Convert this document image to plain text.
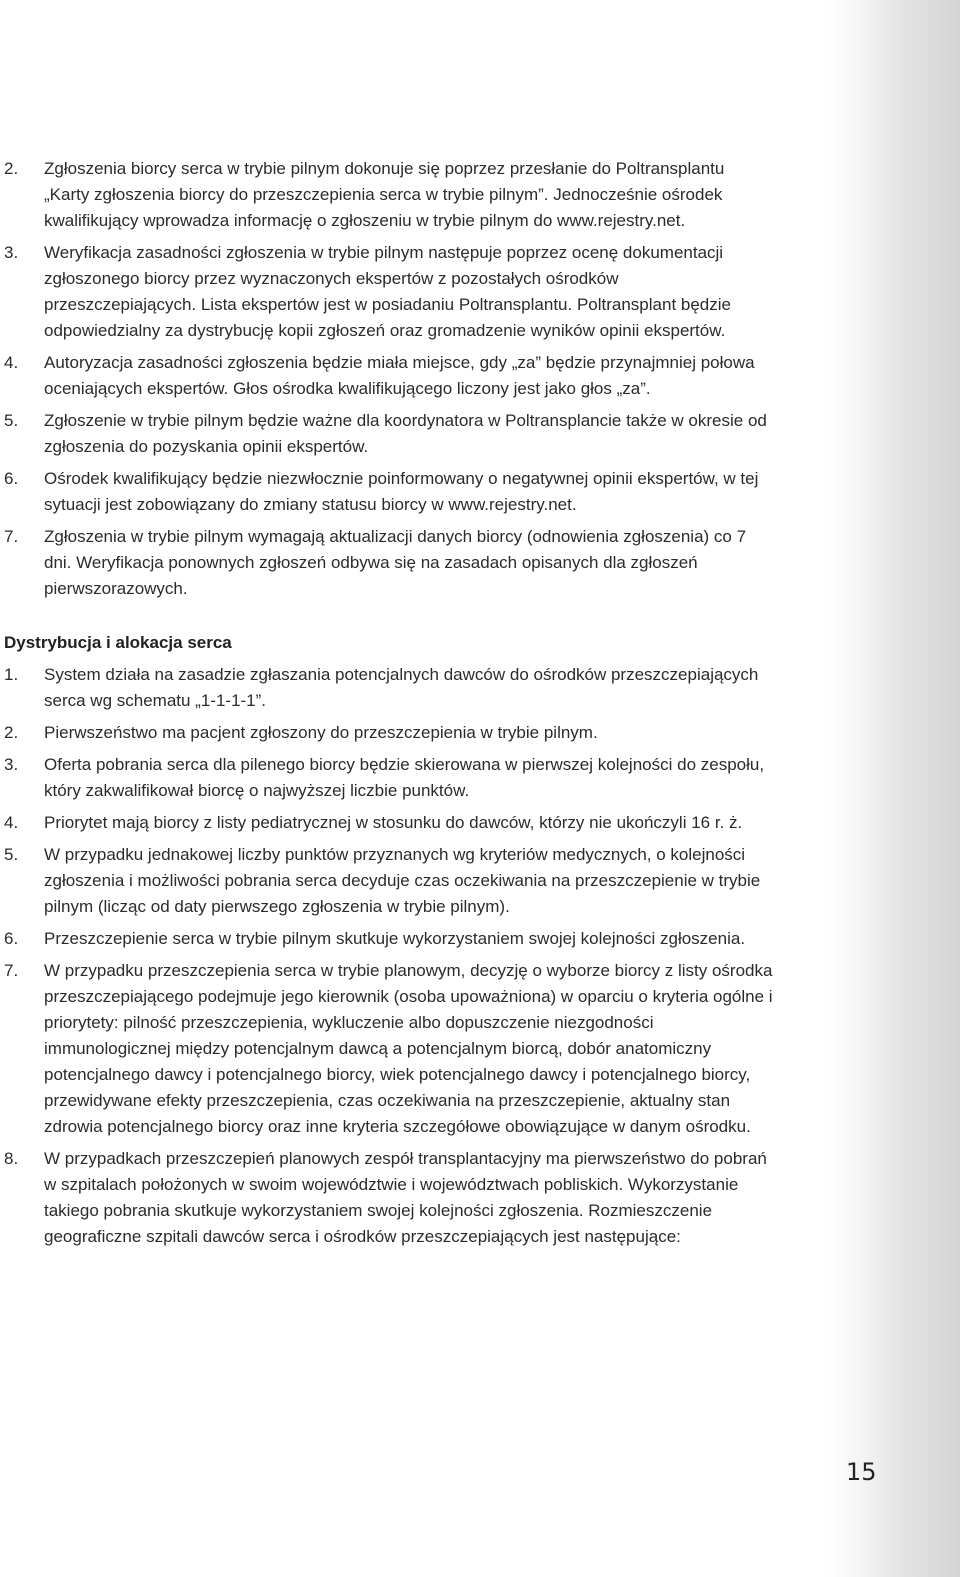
2.	Zgłoszenia biorcy serca w trybie pilnym dokonuje się poprzez przesłanie do Poltransplantu „Karty zgłoszenia biorcy do przeszczepienia serca w trybie pilnym”. Jednocześnie ośrodek kwalifikujący wprowadza informację o zgłoszeniu w trybie pilnym do www.rejestry.net.
3.	Weryfikacja zasadności zgłoszenia w trybie pilnym następuje poprzez ocenę dokumentacji zgłoszonego biorcy przez wyznaczonych ekspertów z pozostałych ośrodków przeszczepiających. Lista ekspertów jest w posiadaniu Poltransplantu. Poltransplant będzie odpowiedzialny za dystrybucję kopii zgłoszeń oraz gromadzenie wyników opinii ekspertów.
4.	Autoryzacja zasadności zgłoszenia będzie miała miejsce, gdy „za” będzie przynajmniej połowa oceniających ekspertów. Głos ośrodka kwalifikującego liczony jest jako głos „za”.
5.	Zgłoszenie w trybie pilnym będzie ważne dla koordynatora w Poltransplancie także w okresie od zgłoszenia do pozyskania opinii ekspertów.
6.	Ośrodek kwalifikujący będzie niezwłocznie poinformowany o negatywnej opinii ekspertów, w tej sytuacji jest zobowiązany do zmiany statusu biorcy w www.rejestry.net.
7.	Zgłoszenia w trybie pilnym wymagają aktualizacji danych biorcy (odnowienia zgłoszenia) co 7 dni. Weryfikacja ponownych zgłoszeń odbywa się na zasadach opisanych dla zgłoszeń pierwszorazowych.
Dystrybucja i alokacja serca
1.	System działa na zasadzie zgłaszania potencjalnych dawców do ośrodków przeszczepiających serca wg schematu „1-1-1-1”.
2.	Pierwszeństwo ma pacjent zgłoszony do przeszczepienia w trybie pilnym.
3.	Oferta pobrania serca dla pilenego biorcy będzie skierowana w pierwszej kolejności do zespołu, który zakwalifikował biorcę o najwyższej liczbie punktów.
4.	Priorytet mają biorcy z listy pediatrycznej w stosunku do dawców, którzy nie ukończyli 16 r. ż.
5.	W przypadku jednakowej liczby punktów przyznanych wg kryteriów medycznych, o kolejności zgłoszenia i możliwości pobrania serca decyduje czas oczekiwania na przeszczepienie w trybie pilnym (licząc od daty pierwszego zgłoszenia w trybie pilnym).
6.	Przeszczepienie serca w trybie pilnym skutkuje wykorzystaniem swojej kolejności zgłoszenia.
7.	W przypadku przeszczepienia serca w trybie planowym, decyzję o wyborze biorcy z listy ośrodka przeszczepiającego podejmuje jego kierownik (osoba upoważniona) w oparciu o kryteria ogólne i priorytety: pilność przeszczepienia, wykluczenie albo dopuszczenie niezgodności immunologicznej między potencjalnym dawcą a potencjalnym biorcą, dobór anatomiczny potencjalnego dawcy i potencjalnego biorcy, wiek potencjalnego dawcy i potencjalnego biorcy, przewidywane efekty przeszczepienia, czas oczekiwania na przeszczepienie, aktualny stan zdrowia potencjalnego biorcy oraz inne kryteria szczegółowe obowiązujące w danym ośrodku.
8.	W przypadkach przeszczepień planowych zespół transplantacyjny ma pierwszeństwo do pobrań w szpitalach położonych w swoim województwie i województwach pobliskich. Wykorzystanie takiego pobrania skutkuje wykorzystaniem swojej kolejności zgłoszenia. Rozmieszczenie geograficzne szpitali dawców serca i ośrodków przeszczepiających jest następujące:
15
